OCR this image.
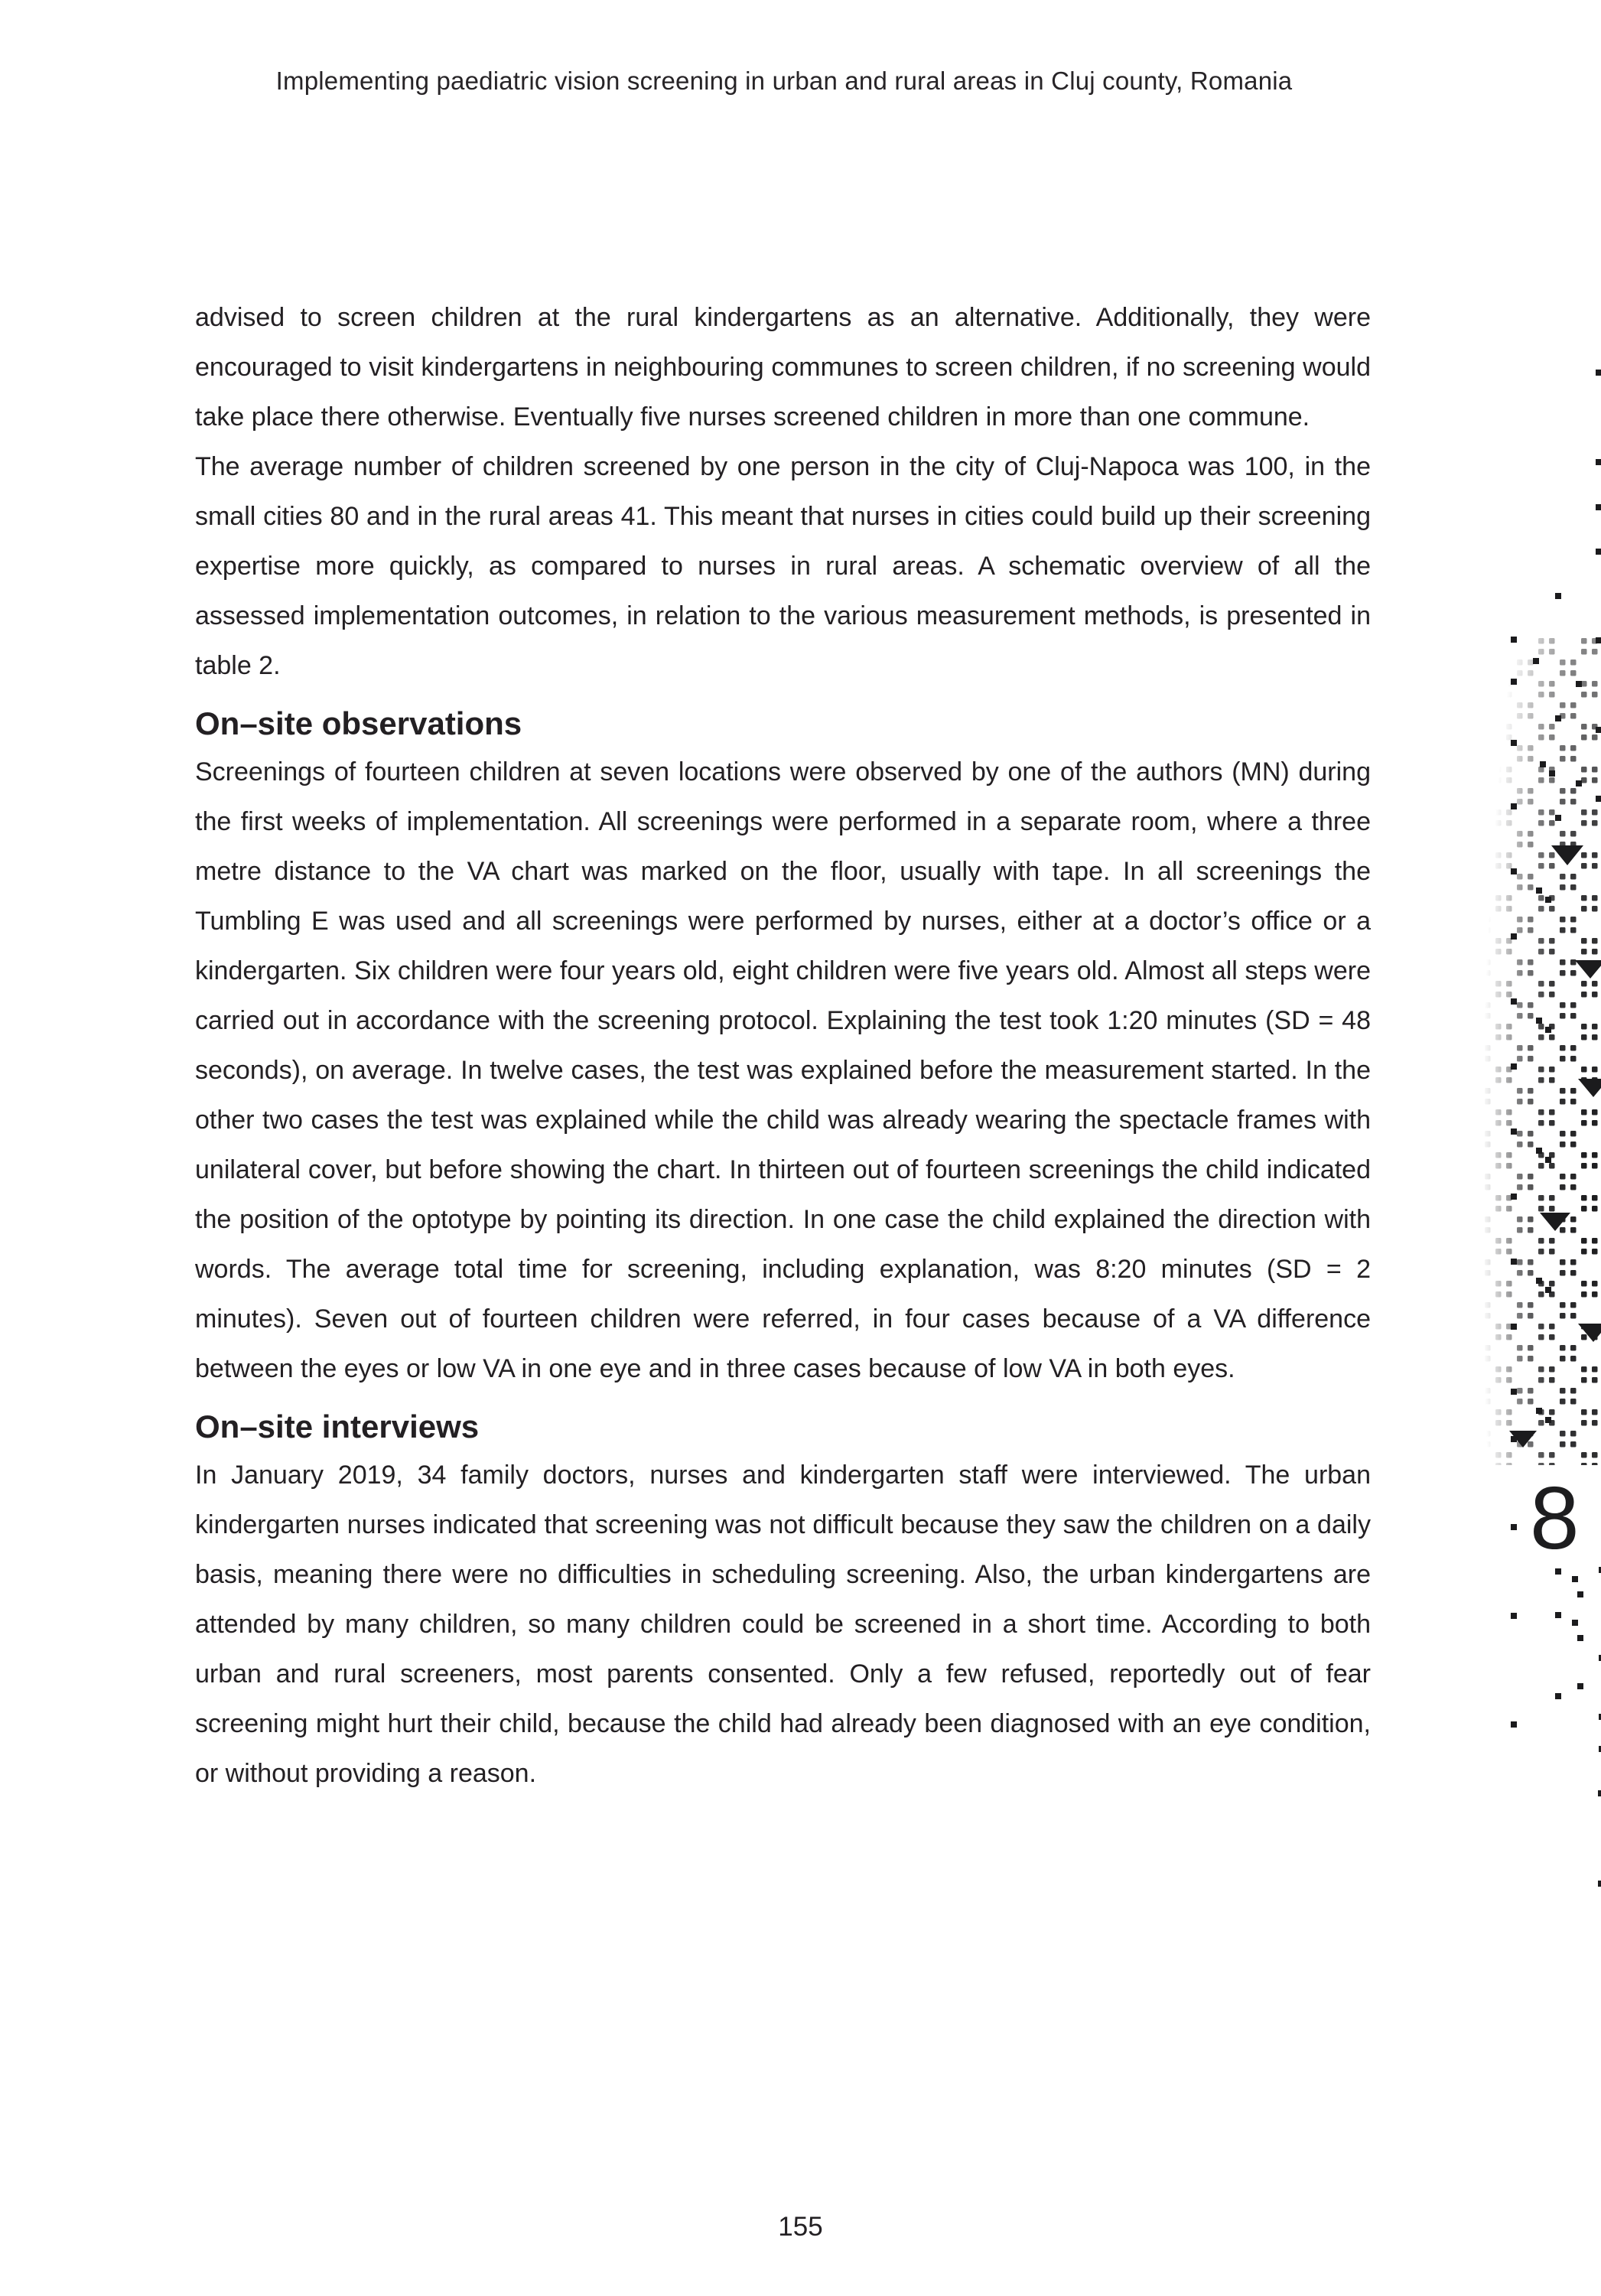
Implementing paediatric vision screening in urban and rural areas in Cluj county, Romania
8

advised to screen children at the rural kindergartens as an alternative. Additionally, they were encouraged to visit kindergartens in neighbouring communes to screen children, if no screening would take place there otherwise. Eventually five nurses screened children in more than one commune.

The average number of children screened by one person in the city of Cluj-Napoca was 100, in the small cities 80 and in the rural areas 41. This meant that nurses in cities could build up their screening expertise more quickly, as compared to nurses in rural areas. A schematic overview of all the assessed implementation outcomes, in relation to the various measurement methods, is presented in table 2.

On–site observations

Screenings of fourteen children at seven locations were observed by one of the authors (MN) during the first weeks of implementation. All screenings were performed in a separate room, where a three metre distance to the VA chart was marked on the floor, usually with tape. In all screenings the Tumbling E was used and all screenings were performed by nurses, either at a doctor’s office or a kindergarten. Six children were four years old, eight children were five years old. Almost all steps were carried out in accordance with the screening protocol. Explaining the test took 1:20 minutes (SD = 48 seconds), on average. In twelve cases, the test was explained before the measurement started. In the other two cases the test was explained while the child was already wearing the spectacle frames with unilateral cover, but before showing the chart. In thirteen out of fourteen screenings the child indicated the position of the optotype by pointing its direction. In one case the child explained the direction with words. The average total time for screening, including explanation, was 8:20 minutes (SD = 2 minutes). Seven out of fourteen children were referred, in four cases because of a VA difference between the eyes or low VA in one eye and in three cases because of low VA in both eyes.

On–site interviews

In January 2019, 34 family doctors, nurses and kindergarten staff were interviewed. The urban kindergarten nurses indicated that screening was not difficult because they saw the children on a daily basis, meaning there were no difficulties in scheduling screening. Also, the urban kindergartens are attended by many children, so many children could be screened in a short time. According to both urban and rural screeners, most parents consented. Only a few refused, reportedly out of fear screening might hurt their child, because the child had already been diagnosed with an eye condition, or without providing a reason.

155
